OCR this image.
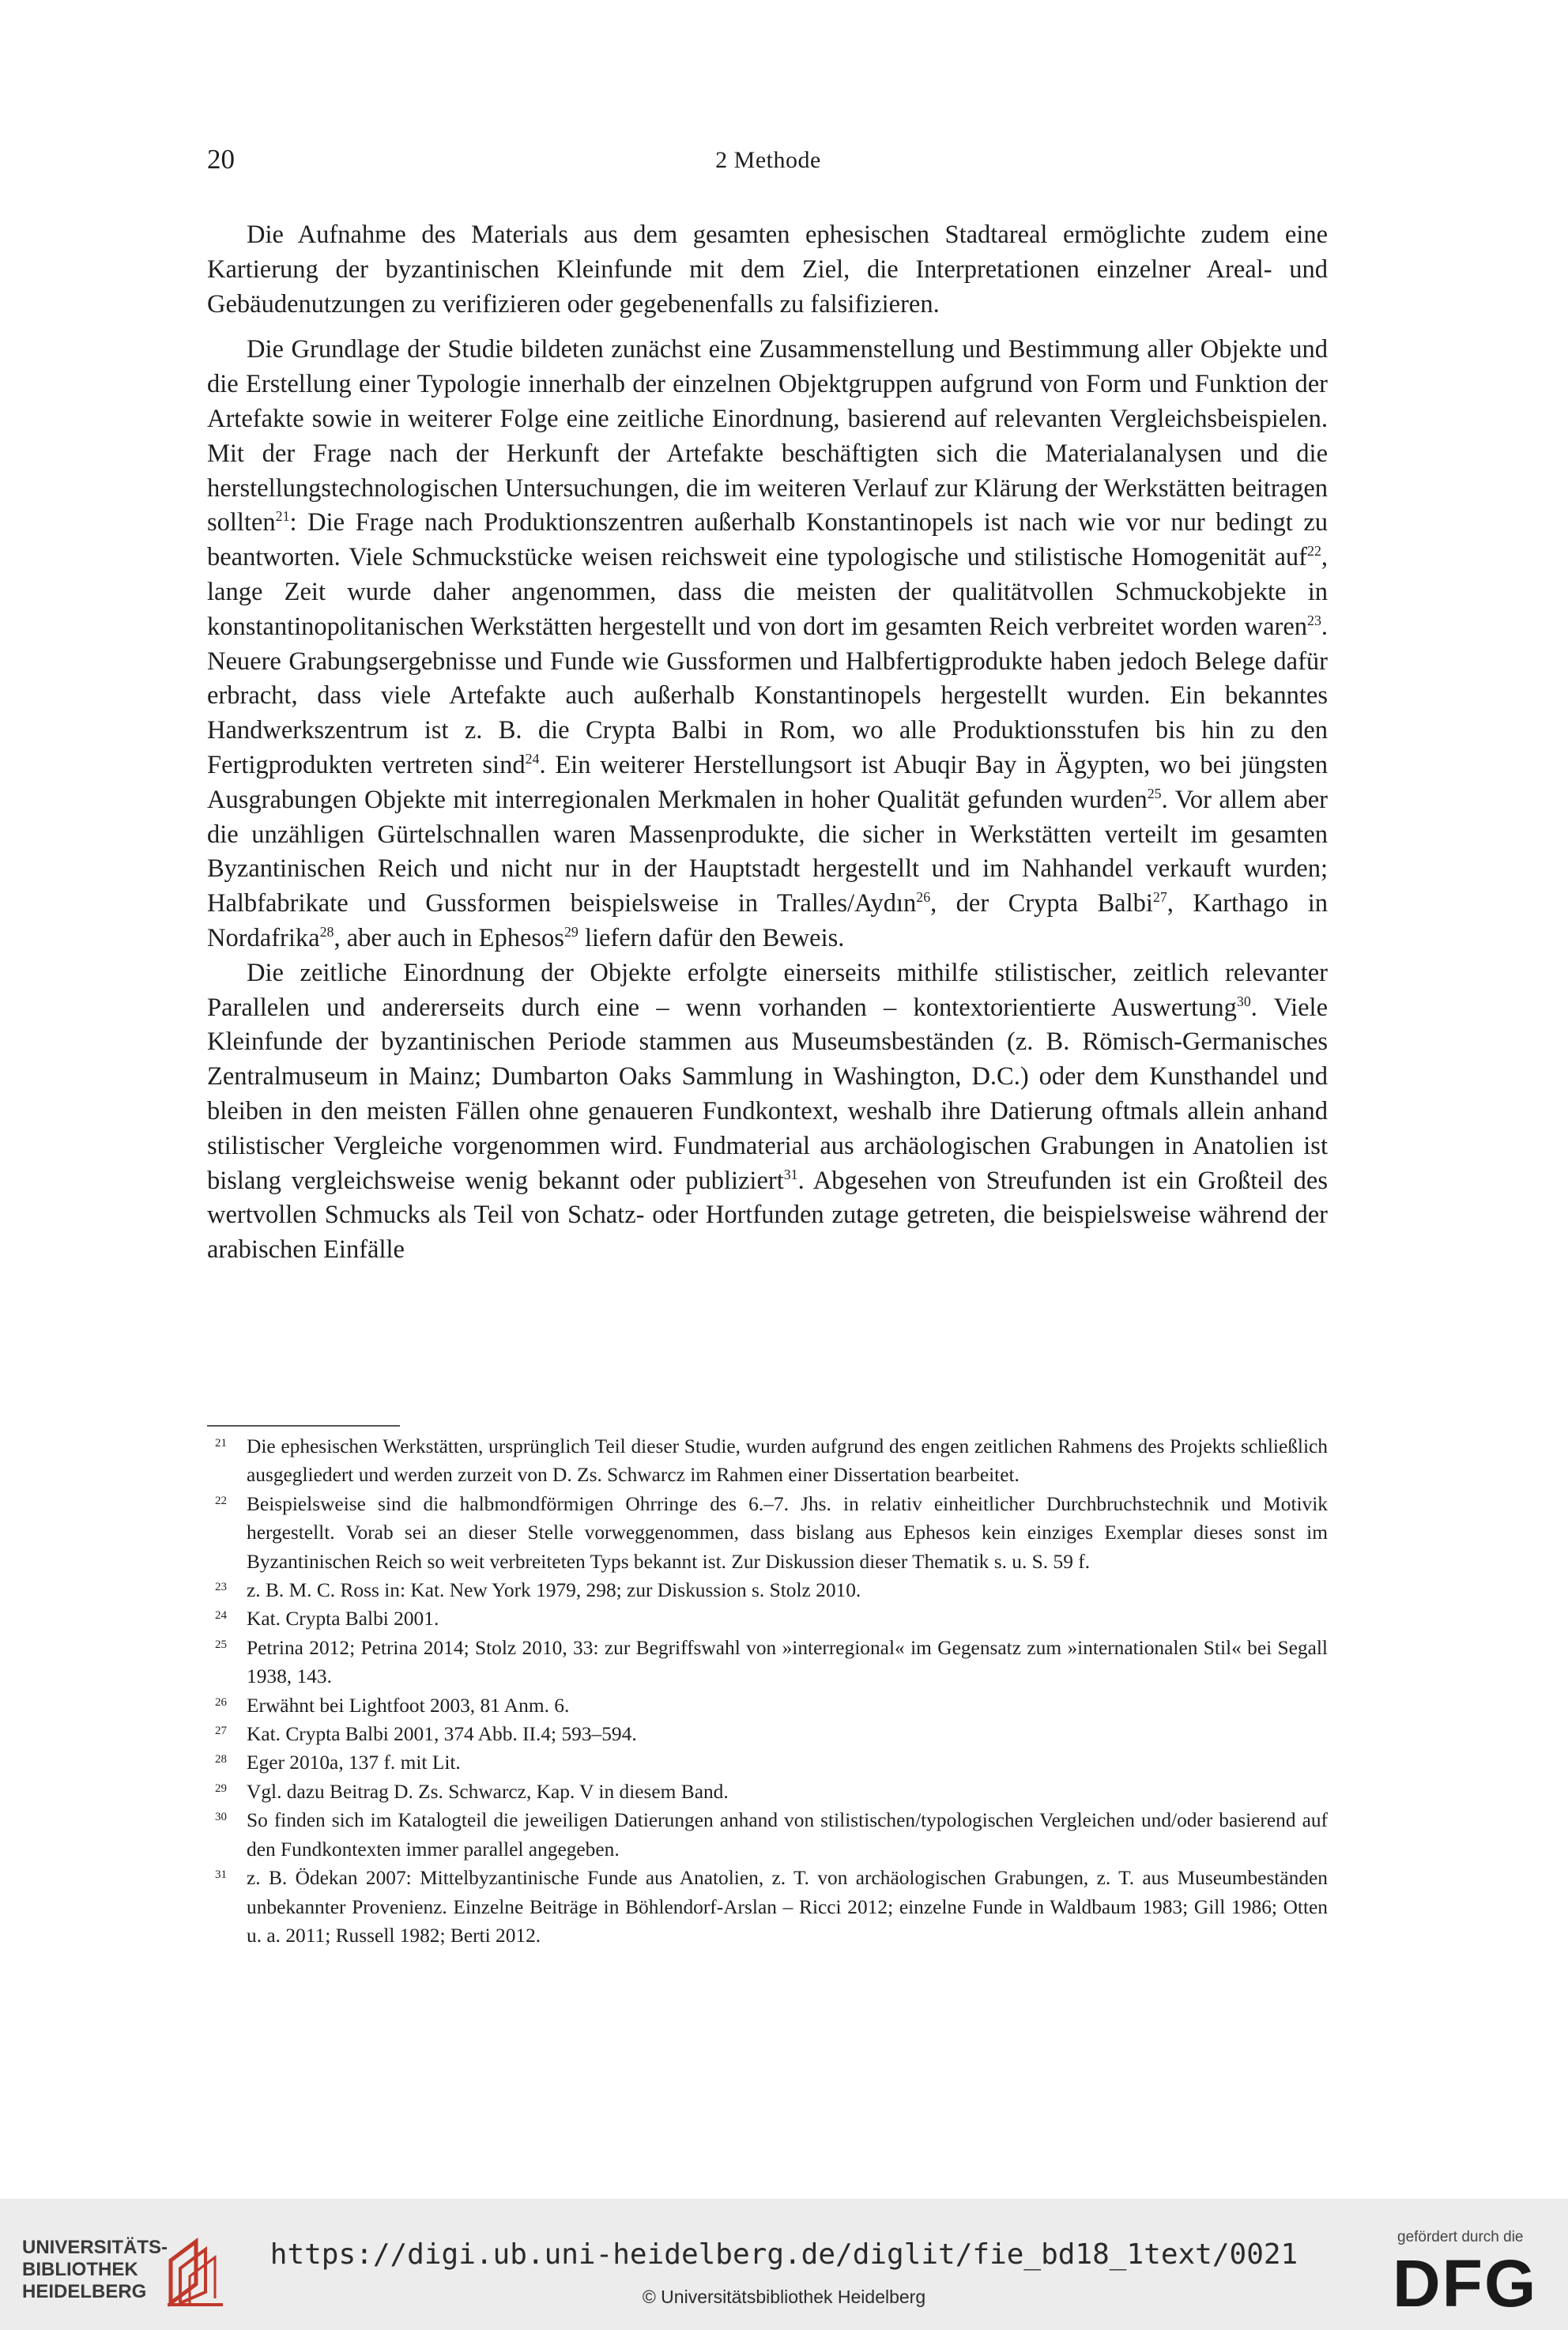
20	2 Methode

Die Aufnahme des Materials aus dem gesamten ephesischen Stadtareal ermöglichte zudem eine Kartierung der byzantinischen Kleinfunde mit dem Ziel, die Interpretationen einzelner Areal- und Gebäudenutzungen zu verifizieren oder gegebenenfalls zu falsifizieren.

Die Grundlage der Studie bildeten zunächst eine Zusammenstellung und Bestimmung aller Objekte und die Erstellung einer Typologie innerhalb der einzelnen Objektgruppen aufgrund von Form und Funktion der Artefakte sowie in weiterer Folge eine zeitliche Einordnung, basierend auf relevanten Vergleichsbeispielen. Mit der Frage nach der Herkunft der Artefakte beschäftigten sich die Materialanalysen und die herstellungstechnologischen Untersuchungen, die im weiteren Verlauf zur Klärung der Werkstätten beitragen sollten$^{21}$: Die Frage nach Produktionszentren außerhalb Konstantinopels ist nach wie vor nur bedingt zu beantworten. Viele Schmuckstücke weisen reichsweit eine typologische und stilistische Homogenität auf$^{22}$, lange Zeit wurde daher angenommen, dass die meisten der qualitätvollen Schmuckobjekte in konstantinopolitanischen Werkstätten hergestellt und von dort im gesamten Reich verbreitet worden waren$^{23}$. Neuere Grabungsergebnisse und Funde wie Gussformen und Halbfertigprodukte haben jedoch Belege dafür erbracht, dass viele Artefakte auch außerhalb Konstantinopels hergestellt wurden. Ein bekanntes Handwerkszentrum ist z. B. die Crypta Balbi in Rom, wo alle Produktionsstufen bis hin zu den Fertigprodukten vertreten sind$^{24}$. Ein weiterer Herstellungsort ist Abuqir Bay in Ägypten, wo bei jüngsten Ausgrabungen Objekte mit interregionalen Merkmalen in hoher Qualität gefunden wurden$^{25}$. Vor allem aber die unzähligen Gürtelschnallen waren Massenprodukte, die sicher in Werkstätten verteilt im gesamten Byzantinischen Reich und nicht nur in der Hauptstadt hergestellt und im Nahhandel verkauft wurden; Halbfabrikate und Gussformen beispielsweise in Tralles/Aydın$^{26}$, der Crypta Balbi$^{27}$, Karthago in Nordafrika$^{28}$, aber auch in Ephesos$^{29}$ liefern dafür den Beweis.

Die zeitliche Einordnung der Objekte erfolgte einerseits mithilfe stilistischer, zeitlich relevanter Parallelen und andererseits durch eine – wenn vorhanden – kontextorientierte Auswertung$^{30}$. Viele Kleinfunde der byzantinischen Periode stammen aus Museumsbeständen (z. B. Römisch-Germanisches Zentralmuseum in Mainz; Dumbarton Oaks Sammlung in Washington, D.C.) oder dem Kunsthandel und bleiben in den meisten Fällen ohne genaueren Fundkontext, weshalb ihre Datierung oftmals allein anhand stilistischer Vergleiche vorgenommen wird. Fundmaterial aus archäologischen Grabungen in Anatolien ist bislang vergleichsweise wenig bekannt oder publiziert$^{31}$. Abgesehen von Streufunden ist ein Großteil des wertvollen Schmucks als Teil von Schatz- oder Hortfunden zutage getreten, die beispielsweise während der arabischen Einfälle

21 Die ephesischen Werkstätten, ursprünglich Teil dieser Studie, wurden aufgrund des engen zeitlichen Rahmens des Projekts schließlich ausgegliedert und werden zurzeit von D. Zs. Schwarcz im Rahmen einer Dissertation bearbeitet.
22 Beispielsweise sind die halbmondförmigen Ohrringe des 6.–7. Jhs. in relativ einheitlicher Durchbruchstechnik und Motivik hergestellt. Vorab sei an dieser Stelle vorweggenommen, dass bislang aus Ephesos kein einziges Exemplar dieses sonst im Byzantinischen Reich so weit verbreiteten Typs bekannt ist. Zur Diskussion dieser Thematik s. u. S. 59 f.
23 z. B. M. C. Ross in: Kat. New York 1979, 298; zur Diskussion s. Stolz 2010.
24 Kat. Crypta Balbi 2001.
25 Petrina 2012; Petrina 2014; Stolz 2010, 33: zur Begriffswahl von »interregional« im Gegensatz zum »internationalen Stil« bei Segall 1938, 143.
26 Erwähnt bei Lightfoot 2003, 81 Anm. 6.
27 Kat. Crypta Balbi 2001, 374 Abb. II.4; 593–594.
28 Eger 2010a, 137 f. mit Lit.
29 Vgl. dazu Beitrag D. Zs. Schwarcz, Kap. V in diesem Band.
30 So finden sich im Katalogteil die jeweiligen Datierungen anhand von stilistischen/typologischen Vergleichen und/oder basierend auf den Fundkontexten immer parallel angegeben.
31 z. B. Ödekan 2007: Mittelbyzantinische Funde aus Anatolien, z. T. von archäologischen Grabungen, z. T. aus Museumbeständen unbekannter Provenienz. Einzelne Beiträge in Böhlendorf-Arslan – Ricci 2012; einzelne Funde in Waldbaum 1983; Gill 1986; Otten u. a. 2011; Russell 1982; Berti 2012.
UNIVERSITÄTS-
BIBLIOTHEK
HEIDELBERG
https://digi.ub.uni-heidelberg.de/diglit/fie_bd18_1text/0021
© Universitätsbibliothek Heidelberg
gefördert durch die
DFG
